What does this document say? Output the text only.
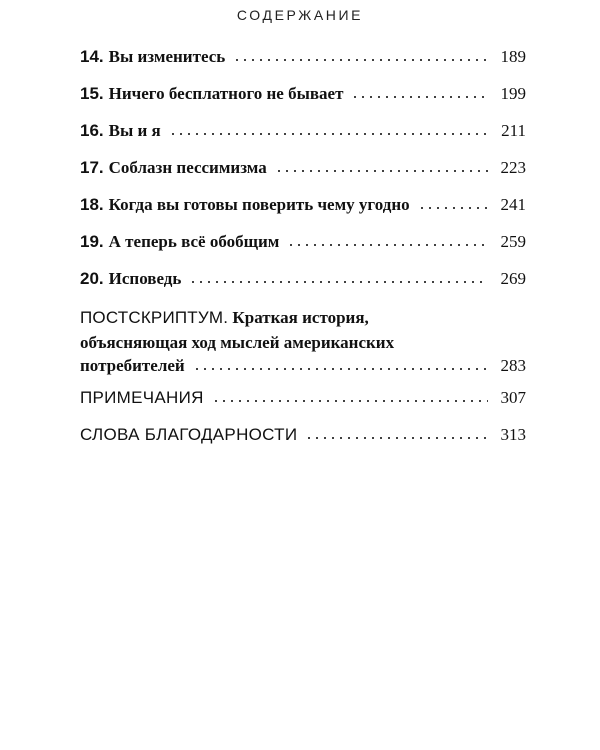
СОДЕРЖАНИЕ
14. Вы изменитесь	189
15. Ничего бесплатного не бывает	199
16. Вы и я	211
17. Соблазн пессимизма	223
18. Когда вы готовы поверить чему угодно	241
19. А теперь всё обобщим	259
20. Исповедь	269
ПОСТСКРИПТУМ. Краткая история,
объясняющая ход мыслей американских
потребителей	283
ПРИМЕЧАНИЯ	307
СЛОВА БЛАГОДАРНОСТИ	313
